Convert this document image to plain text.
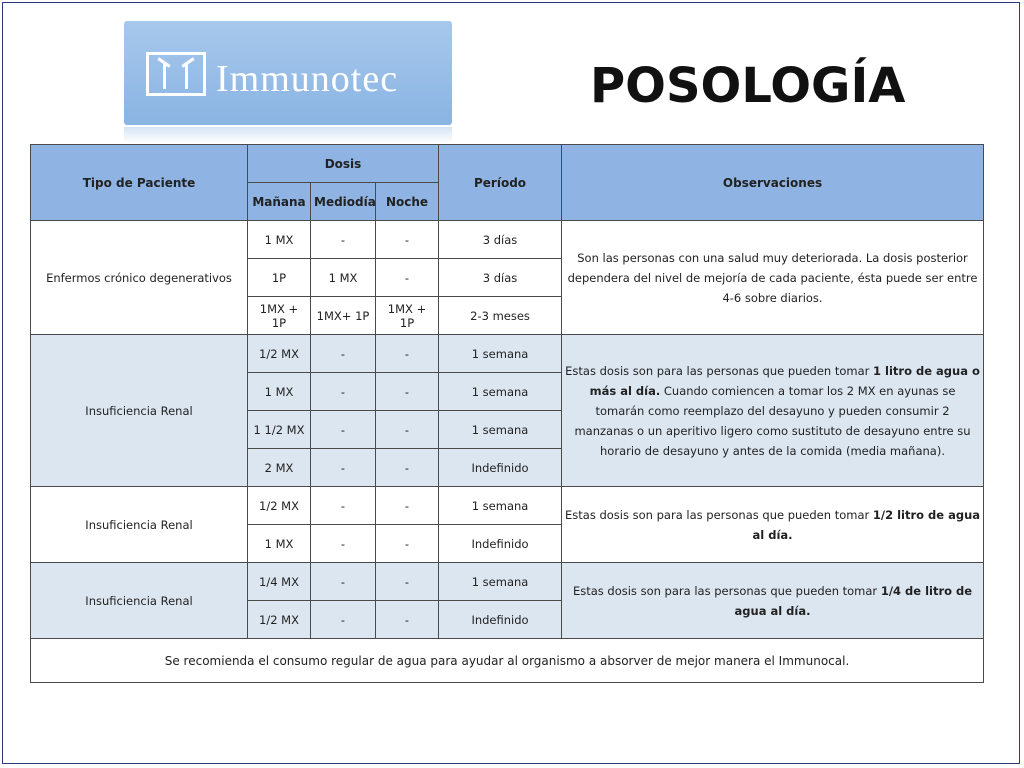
Immunotec	POSOLOGÍA
Tipo de Paciente	Dosis			Período	Observaciones
	Mañana	Mediodía	Noche		
Enfermos crónico degenerativos	1 MX	-	-	3 días	Son las personas con una salud muy deteriorada. La dosis posterior dependera del nivel de mejoría de cada paciente, ésta puede ser entre 4-6 sobre diarios.
	1P	1 MX	-	3 días	
	1MX + 1P	1MX+ 1P	1MX + 1P	2-3 meses	
Insuficiencia Renal	1/2 MX	-	-	1 semana	Estas dosis son para las personas que pueden tomar 1 litro de agua o más al día. Cuando comiencen a tomar los 2 MX en ayunas se tomarán como reemplazo del desayuno y pueden consumir 2 manzanas o un aperitivo ligero como sustituto de desayuno entre su horario de desayuno y antes de la comida (media mañana).
	1 MX	-	-	1 semana	
	1 1/2 MX	-	-	1 semana	
	2 MX	-	-	Indefinido	
Insuficiencia Renal	1/2 MX	-	-	1 semana	Estas dosis son para las personas que pueden tomar 1/2 litro de agua al día.
	1 MX	-	-	Indefinido	
Insuficiencia Renal	1/4 MX	-	-	1 semana	Estas dosis son para las personas que pueden tomar 1/4 de litro de agua al día.
	1/2 MX	-	-	Indefinido	
Se recomienda el consumo regular de agua para ayudar al organismo a absorver de mejor manera el Immunocal.					
